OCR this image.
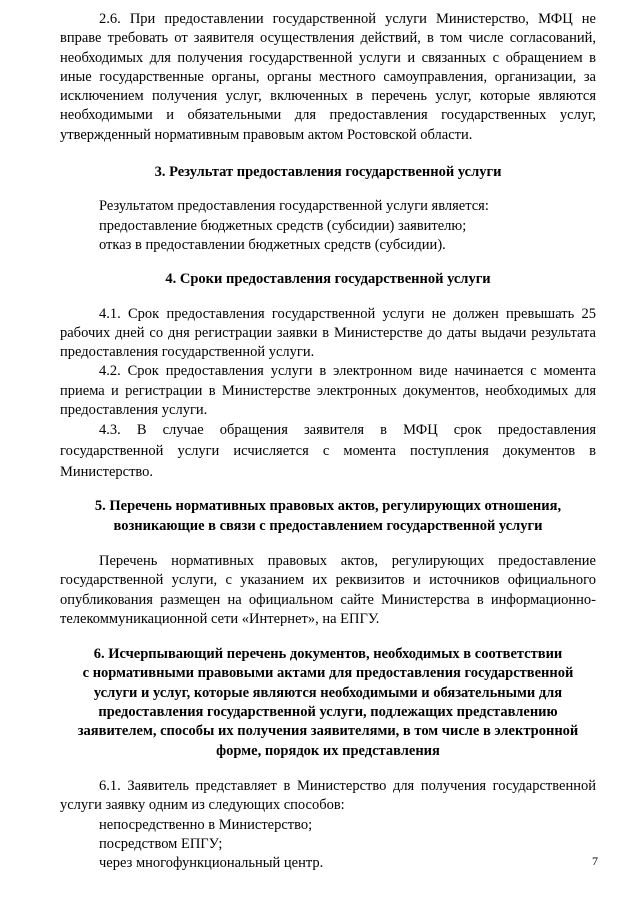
2.6. При предоставлении государственной услуги Министерство, МФЦ не вправе требовать от заявителя осуществления действий, в том числе согласований, необходимых для получения государственной услуги и связанных с обращением в иные государственные органы, органы местного самоуправления, организации, за исключением получения услуг, включенных в перечень услуг, которые являются необходимыми и обязательными для предоставления государственных услуг, утвержденный нормативным правовым актом Ростовской области.

3. Результат предоставления государственной услуги

Результатом предоставления государственной услуги является:

предоставление бюджетных средств (субсидии) заявителю;

отказ в предоставлении бюджетных средств (субсидии).

4. Сроки предоставления государственной услуги

4.1. Срок предоставления государственной услуги не должен превышать 25 рабочих дней со дня регистрации заявки в Министерстве до даты выдачи результата предоставления государственной услуги.

4.2. Срок предоставления услуги в электронном виде начинается с момента приема и регистрации в Министерстве электронных документов, необходимых для предоставления услуги.

4.3. В случае обращения заявителя в МФЦ срок предоставления государственной услуги исчисляется с момента поступления документов в Министерство.

5. Перечень нормативных правовых актов, регулирующих отношения,

возникающие в связи с предоставлением государственной услуги

Перечень нормативных правовых актов, регулирующих предоставление государственной услуги, с указанием их реквизитов и источников официального опубликования размещен на официальном сайте Министерства в информационно-телекоммуникационной сети «Интернет», на ЕПГУ.

6. Исчерпывающий перечень документов, необходимых в соответствии

с нормативными правовыми актами для предоставления государственной

услуги и услуг, которые являются необходимыми и обязательными для

предоставления государственной услуги, подлежащих представлению

заявителем, способы их получения заявителями, в том числе в электронной

форме, порядок их представления

6.1. Заявитель представляет в Министерство для получения государственной услуги заявку одним из следующих способов:

непосредственно в Министерство;

посредством ЕПГУ;

через многофункциональный центр.	7
